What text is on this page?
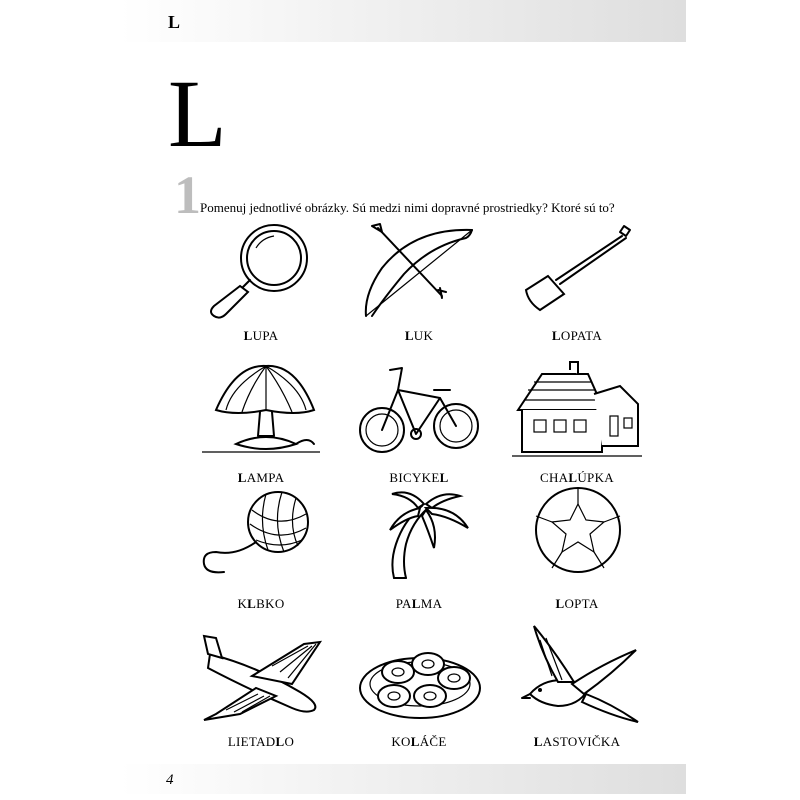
L
L
1 Pomenuj jednotlivé obrázky. Sú medzi nimi dopravné prostriedky? Ktoré sú to?
LUPA	LUK	LOPATA
LAMPA	BICYKEL	CHALÚPKA
KLBKO	PALMA	LOPTA
LIETADLO	KOLÁČE	LASTOVIČKA
4
